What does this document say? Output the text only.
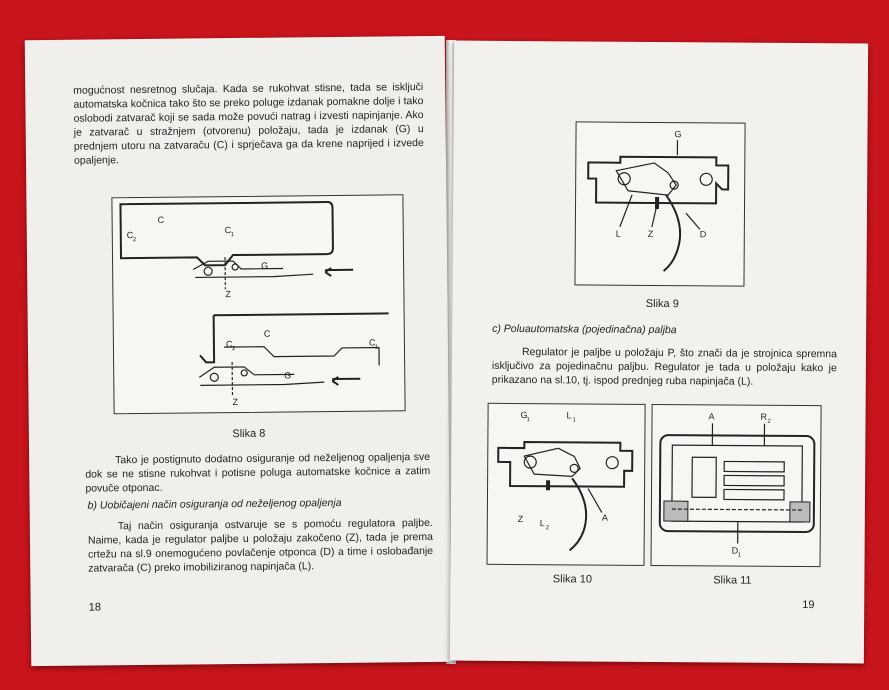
mogućnost nesretnog slučaja. Kada se rukohvat stisne, tada se isključi automatska kočnica tako što se preko poluge izdanak pomakne dolje i tako oslobodi zatvarač koji se sada može povući natrag i izvesti napinjanje. Ako je zatvarač u stražnjem (otvorenu) položaju, tada je izdanak (G) u prednjem utoru na zatvaraču (C) i sprječava ga da krene naprijed i izvede opaljenje.

C
C 2
C 1
G
Z
C
C 2
C 1
G
Z
Slika 8

Tako je postignuto dodatno osiguranje od neželjenog opaljenja sve dok se ne stisne rukohvat i potisne poluga automatske kočnice a zatim povuče otponac.

b) Uobičajeni način osiguranja od neželjenog opaljenja

Taj način osiguranja ostvaruje se s pomoću regulatora paljbe. Naime, kada je regulator paljbe u položaju zakočeno (Z), tada je prema crtežu na sl.9 onemogućeno povlačenje otponca (D) a time i oslobađanje zatvarača (C) preko imobiliziranog napinjača (L).

18
G
L	Z	D
Slika 9

c) Poluautomatska (pojedinačna) paljba

Regulator je paljbe u položaju P, što znači da je strojnica spremna isključivo za pojedinačnu paljbu. Regulator je tada u položaju kako je prikazano na sl.10, tj. ispod prednjeg ruba napinjača (L).

G
1	L
1
Z L
2
A
A	R
2
D
1
Slika 10	Slika 11
19
